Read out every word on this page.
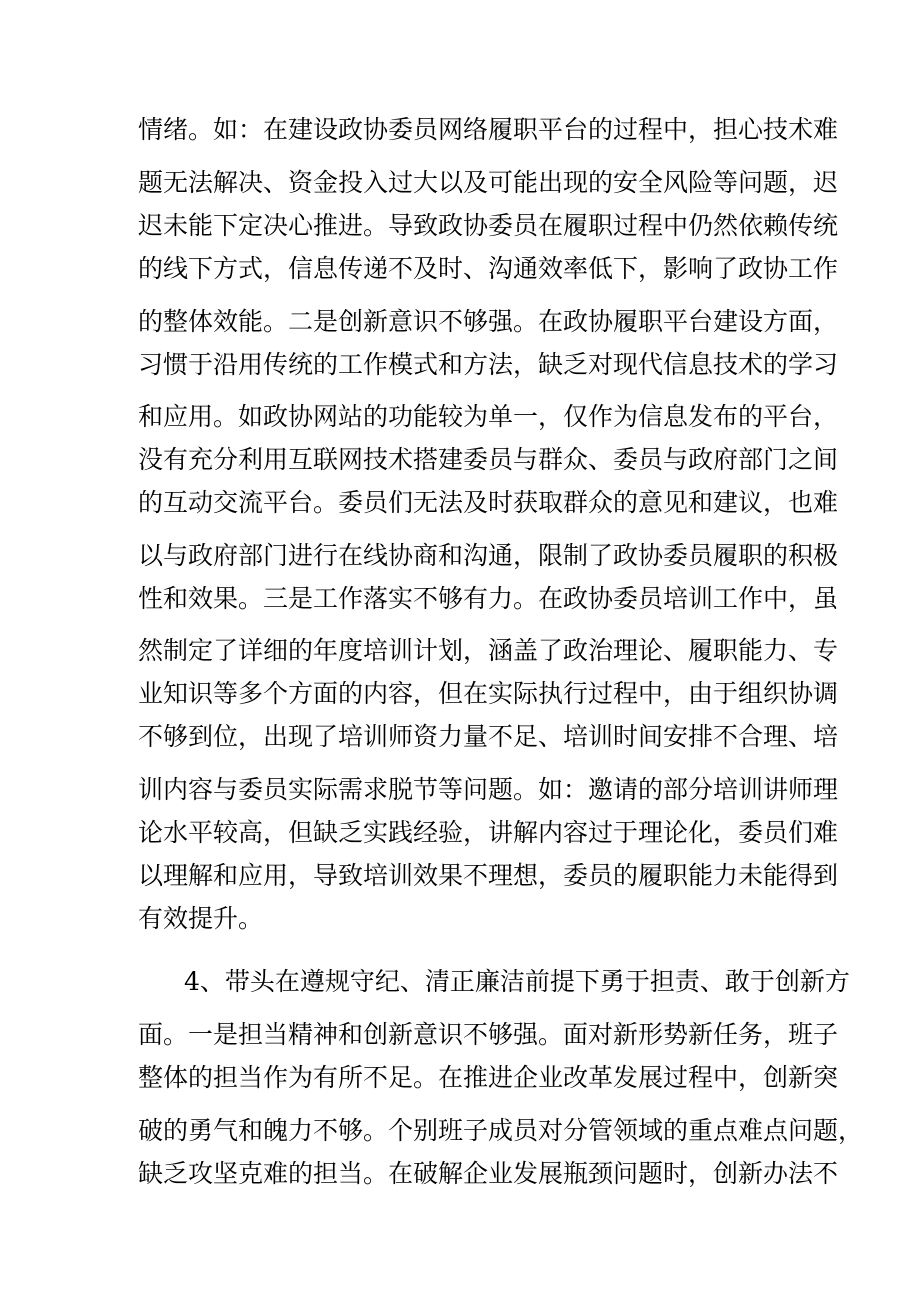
情绪。如：在建设政协委员网络履职平台的过程中，担心技术难
题无法解决、资金投入过大以及可能出现的安全风险等问题，迟
迟未能下定决心推进。导致政协委员在履职过程中仍然依赖传统
的线下方式，信息传递不及时、沟通效率低下，影响了政协工作
的整体效能。二是创新意识不够强。在政协履职平台建设方面，
习惯于沿用传统的工作模式和方法，缺乏对现代信息技术的学习
和应用。如政协网站的功能较为单一，仅作为信息发布的平台，
没有充分利用互联网技术搭建委员与群众、委员与政府部门之间
的互动交流平台。委员们无法及时获取群众的意见和建议，也难
以与政府部门进行在线协商和沟通，限制了政协委员履职的积极
性和效果。三是工作落实不够有力。在政协委员培训工作中，虽
然制定了详细的年度培训计划，涵盖了政治理论、履职能力、专
业知识等多个方面的内容，但在实际执行过程中，由于组织协调
不够到位，出现了培训师资力量不足、培训时间安排不合理、培
训内容与委员实际需求脱节等问题。如：邀请的部分培训讲师理
论水平较高，但缺乏实践经验，讲解内容过于理论化，委员们难
以理解和应用，导致培训效果不理想，委员的履职能力未能得到
有效提升。
4、带头在遵规守纪、清正廉洁前提下勇于担责、敢于创新方
面。一是担当精神和创新意识不够强。面对新形势新任务，班子
整体的担当作为有所不足。在推进企业改革发展过程中，创新突
破的勇气和魄力不够。个别班子成员对分管领域的重点难点问题，
缺乏攻坚克难的担当。在破解企业发展瓶颈问题时，创新办法不
